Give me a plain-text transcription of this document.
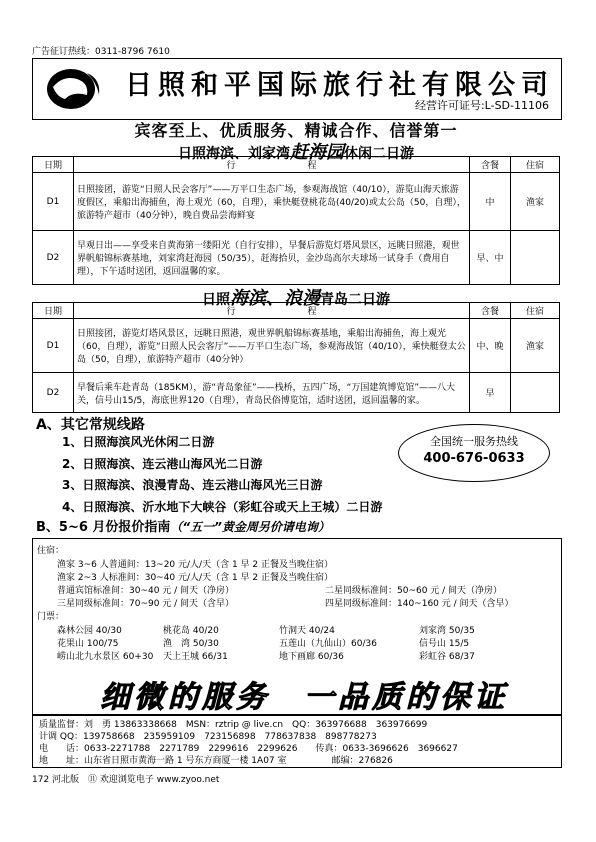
广告征订热线：0311-8796 7610
日照和平国际旅行社有限公司
经营许可证号:L-SD-11106
宾客至上、优质服务、精诚合作、信誉第一
日照海滨、刘家湾赶海园休闲二日游
日期	行　　　　　　　　程	含餐	住宿
D1	日照接团，游览“日照人民会客厅”——万平口生态广场，参观海战馆（40/10），游览山海天旅游度假区，乘船出海捕鱼，海上观光（60，自理），乘快艇登桃花岛(40/20)或太公岛（50，自理），旅游特产超市（40分钟），晚自费品尝海鲜宴	中	渔家
D2	早观日出——享受来自黄海第一缕阳光（自行安排），早餐后游览灯塔风景区，远眺日照港，观世界帆船锦标赛基地，刘家湾赶海园（50/35），赶海拾贝，金沙岛高尔夫球场一试身手（费用自理），下午适时送团，返回温馨的家。	早、中	
日照海滨、浪漫青岛二日游
日期	行　　　　　　　　程	含餐	住宿
D1	日照接团，游览灯塔风景区，远眺日照港，观世界帆船锦标赛基地，乘船出海捕鱼，海上观光（60，自理），游览“日照人民会客厅”——万平口生态广场，参观海战馆（40/10），乘快艇登太公岛（50，自理），旅游特产超市（40分钟）	中、晚	渔家
D2	早餐后乘车赴青岛（185KM），游“青岛象征”——栈桥，五四广场，“万国建筑博览馆”——八大关，信号山15/5，海底世界120（自理），青岛民俗博览馆，适时送团，返回温馨的家。	早	
A、其它常规线路
1、日照海滨风光休闲二日游
2、日照海滨、连云港山海风光二日游
3、日照海滨、浪漫青岛、连云港山海风光三日游
4、日照海滨、沂水地下大峡谷（彩虹谷或天上王城）二日游
全国统一服务热线
400-676-0633
B、5~6 月份报价指南（“五一”黄金周另价请电询）
住宿：
渔家 3~6 人普通间：13~20 元/人/天（含 1 早 2 正餐及当晚住宿）
渔家 2~3 人标准间：30~40 元/人/天（含 1 早 2 正餐及当晚住宿）
普通宾馆标准间：30~40 元 / 间天（净房）	二星同级标准间：50~60 元 / 间天（净房）
三星同级标准间：70~90 元 / 间天（含早）	四星同级标准间：140~160 元 / 间天（含早）
门票：
森林公园 40/30	桃花岛 40/20	竹洞天 40/24	刘家湾 50/35
花果山 100/75	渔　湾 50/30	五莲山（九仙山）60/36	信号山 15/5
崂山北九水景区 60+30 天上王城 66/31	地下画廊 60/36	彩虹谷 68/37
细微的服务　一品质的保证
质量监督：刘　勇 13863338668　MSN：rztrip @ live.cn　QQ：363976688　363976699
计调 QQ：139758668　235959109　723156898　778637838　898778273
电　　话：0633-2271788　2271789　2299616　2299626　　传真：0633-3696626　3696627
地　　址：山东省日照市黄海一路 1 号东方商厦一楼 1A07 室　　　　　邮编：276826
172 河北版　⑪ 欢迎浏览电子 www.zyoo.net
